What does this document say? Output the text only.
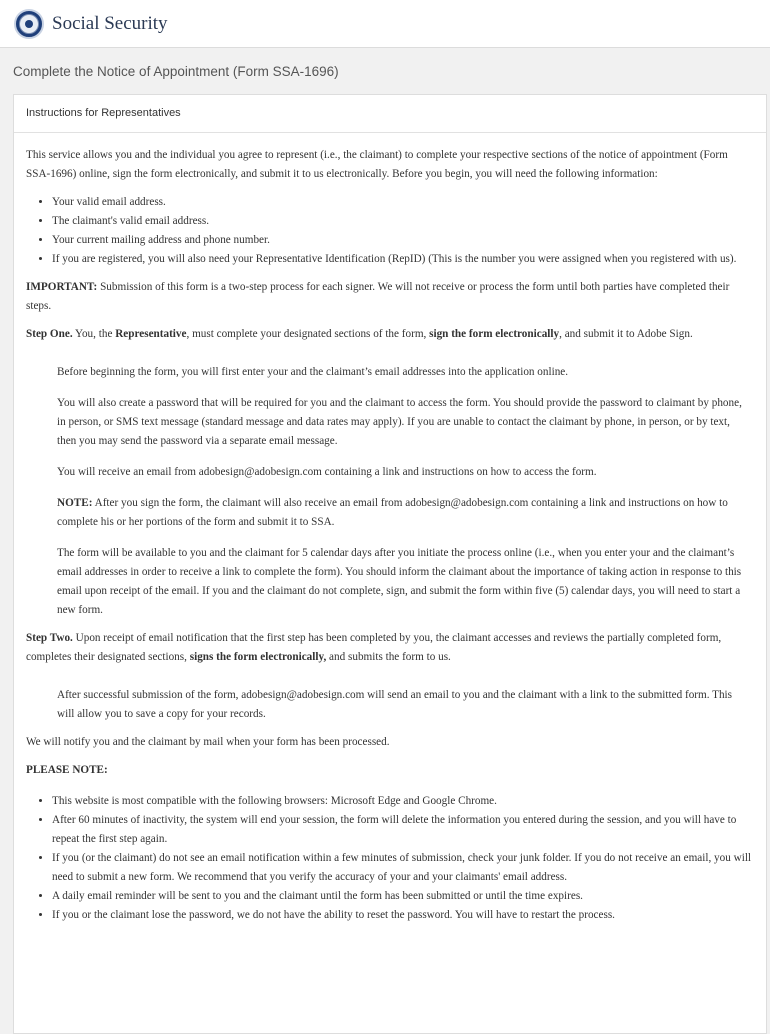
Social Security
Complete the Notice of Appointment (Form SSA-1696)
Instructions for Representatives

This service allows you and the individual you agree to represent (i.e., the claimant) to complete your respective sections of the notice of appointment (Form SSA-1696) online, sign the form electronically, and submit it to us electronically. Before you begin, you will need the following information:

• Your valid email address.
• The claimant's valid email address.
• Your current mailing address and phone number.
• If you are registered, you will also need your Representative Identification (RepID) (This is the number you were assigned when you registered with us).

IMPORTANT: Submission of this form is a two-step process for each signer. We will not receive or process the form until both parties have completed their steps.

Step One. You, the Representative, must complete your designated sections of the form, sign the form electronically, and submit it to Adobe Sign.

Before beginning the form, you will first enter your and the claimant’s email addresses into the application online.

You will also create a password that will be required for you and the claimant to access the form. You should provide the password to claimant by phone, in person, or SMS text message (standard message and data rates may apply). If you are unable to contact the claimant by phone, in person, or by text, then you may send the password via a separate email message.

You will receive an email from adobesign@adobesign.com containing a link and instructions on how to access the form.

NOTE: After you sign the form, the claimant will also receive an email from adobesign@adobesign.com containing a link and instructions on how to complete his or her portions of the form and submit it to SSA.

The form will be available to you and the claimant for 5 calendar days after you initiate the process online (i.e., when you enter your and the claimant’s email addresses in order to receive a link to complete the form). You should inform the claimant about the importance of taking action in response to this email upon receipt of the email. If you and the claimant do not complete, sign, and submit the form within five (5) calendar days, you will need to start a new form.

Step Two. Upon receipt of email notification that the first step has been completed by you, the claimant accesses and reviews the partially completed form, completes their designated sections, signs the form electronically, and submits the form to us.

After successful submission of the form, adobesign@adobesign.com will send an email to you and the claimant with a link to the submitted form. This will allow you to save a copy for your records.

We will notify you and the claimant by mail when your form has been processed.

PLEASE NOTE:

• This website is most compatible with the following browsers: Microsoft Edge and Google Chrome.
• After 60 minutes of inactivity, the system will end your session, the form will delete the information you entered during the session, and you will have to repeat the first step again.
• If you (or the claimant) do not see an email notification within a few minutes of submission, check your junk folder. If you do not receive an email, you will need to submit a new form. We recommend that you verify the accuracy of your and your claimants' email address.
• A daily email reminder will be sent to you and the claimant until the form has been submitted or until the time expires.
• If you or the claimant lose the password, we do not have the ability to reset the password. You will have to restart the process.
